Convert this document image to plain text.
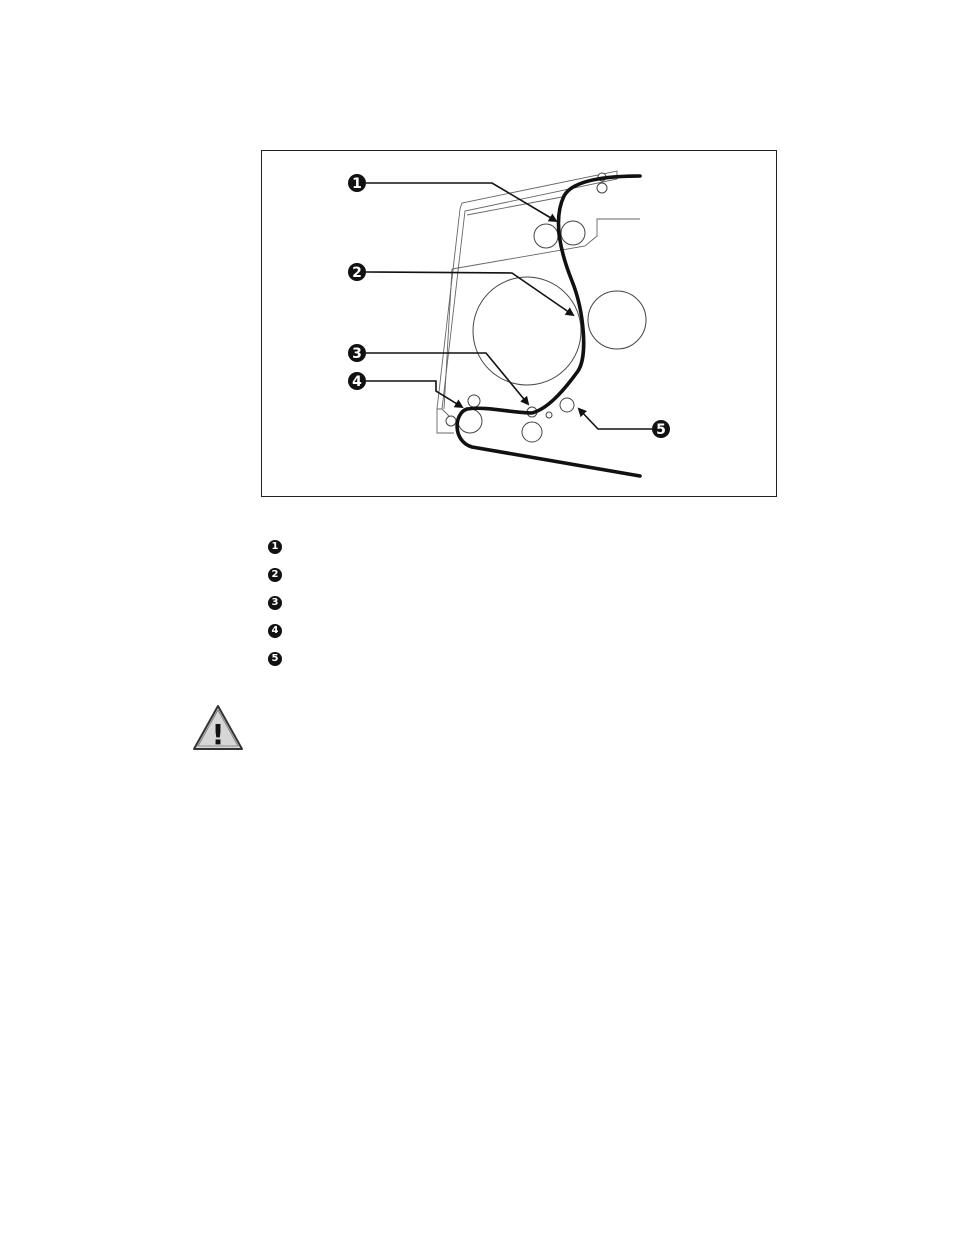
1
2
3
4
5
1
2
3
4
5
!
